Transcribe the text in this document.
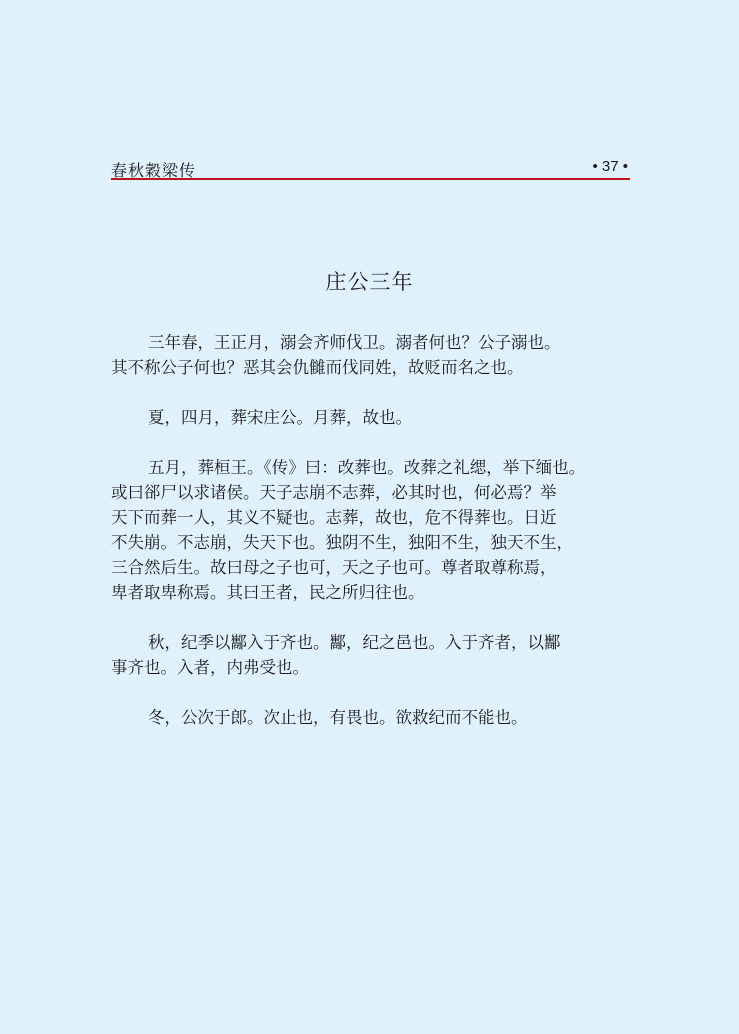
春秋穀梁传	• 37 •
庄公三年

三年春，王正月，溺会齐师伐卫。溺者何也？公子溺也。
其不称公子何也？恶其会仇雠而伐同姓，故贬而名之也。

夏，四月，葬宋庄公。月葬，故也。

五月，葬桓王。《传》曰：改葬也。改葬之礼缌，举下缅也。
或曰郤尸以求诸侯。天子志崩不志葬，必其时也，何必焉？举
天下而葬一人，其义不疑也。志葬，故也，危不得葬也。日近
不失崩。不志崩，失天下也。独阴不生，独阳不生，独天不生，
三合然后生。故曰母之子也可，天之子也可。尊者取尊称焉，
卑者取卑称焉。其曰王者，民之所归往也。

秋，纪季以酅入于齐也。酅，纪之邑也。入于齐者，以酅
事齐也。入者，内弗受也。

冬，公次于郎。次止也，有畏也。欲救纪而不能也。
